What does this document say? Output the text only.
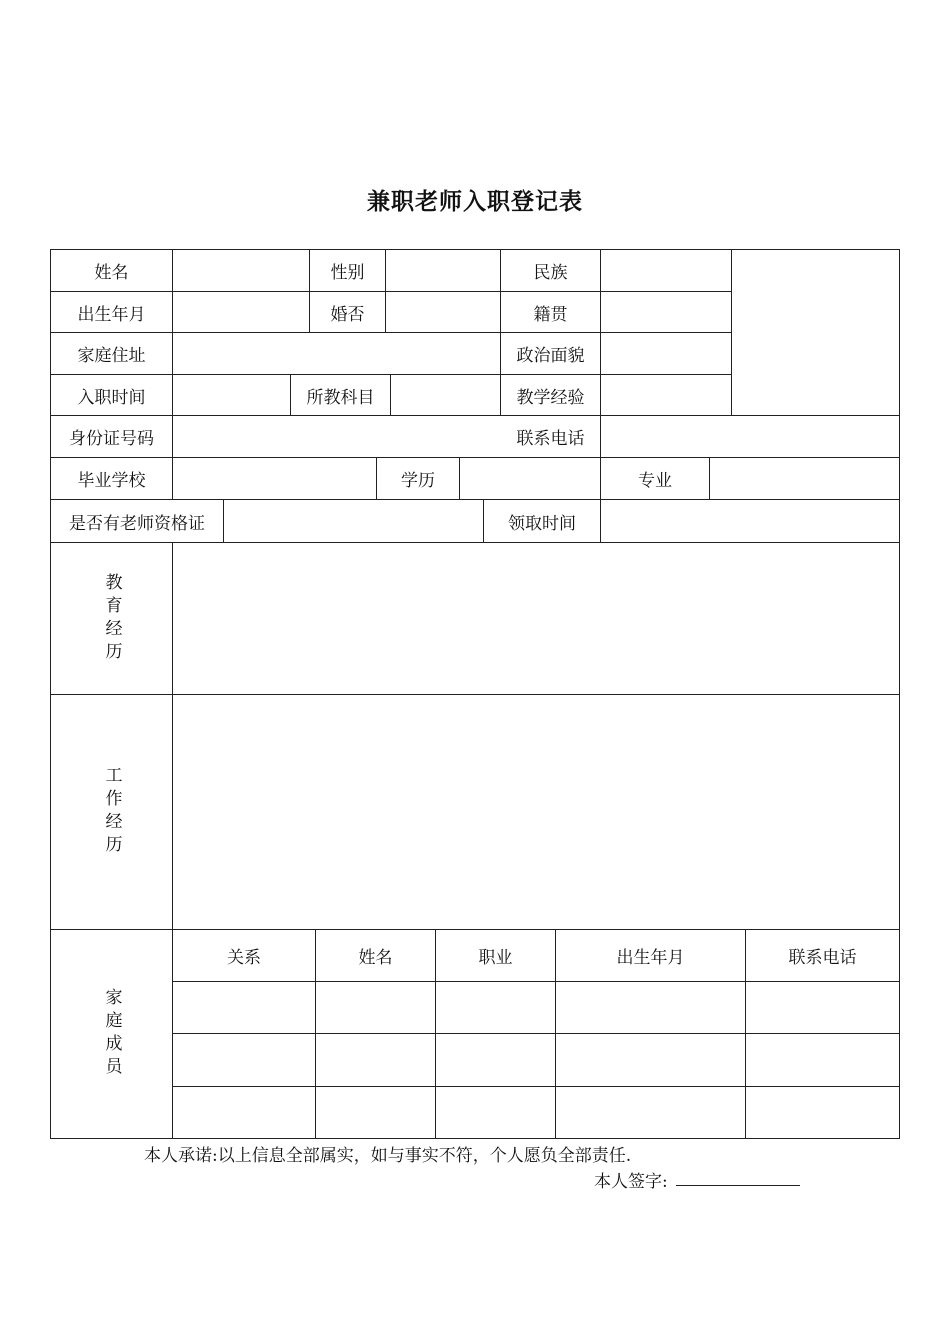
兼职老师入职登记表
姓名	性别	民族
出生年月	婚否	籍贯
家庭住址	政治面貌
入职时间	所教科目	教学经验
身份证号码	联系电话
毕业学校	学历	专业
是否有老师资格证	领取时间
教育经历
工作经历
家庭成员
关系	姓名	职业	出生年月	联系电话
本人承诺:以上信息全部属实，如与事实不符，个人愿负全部责任.
本人签字:
